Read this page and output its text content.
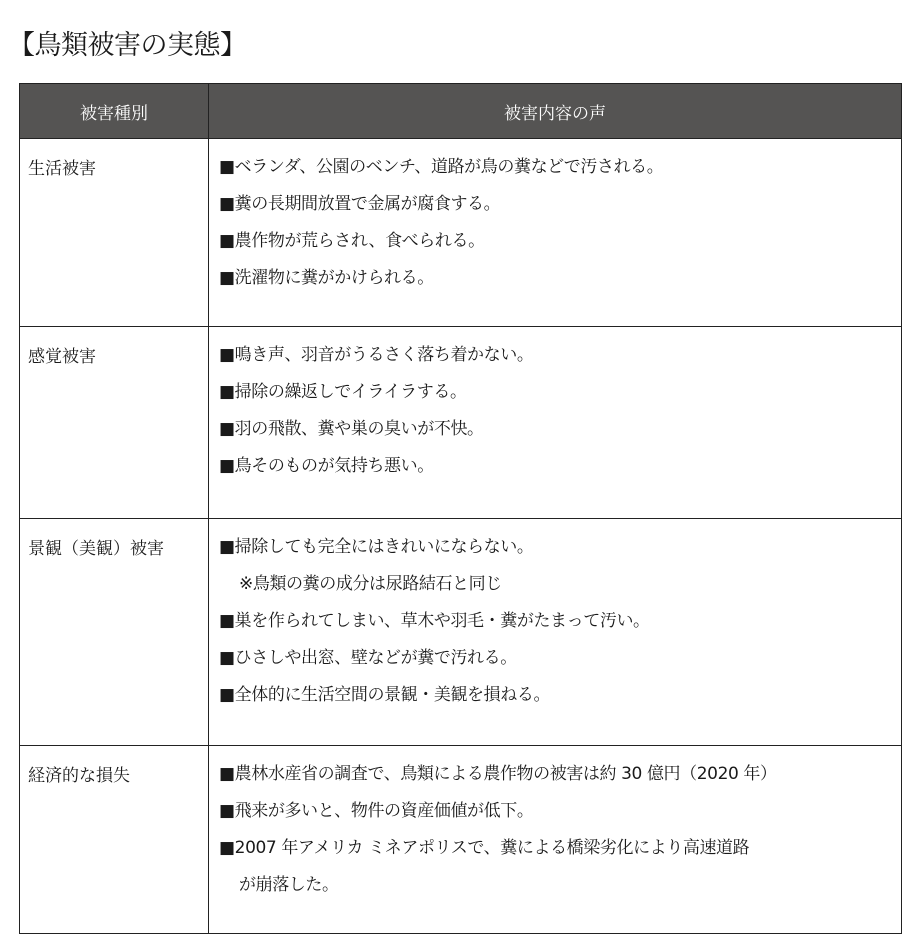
【鳥類被害の実態】
被害種別	被害内容の声
生活被害	■ベランダ、公園のベンチ、道路が鳥の糞などで汚される。
■糞の長期間放置で金属が腐食する。
■農作物が荒らされ、食べられる。
■洗濯物に糞がかけられる。

感覚被害	■鳴き声、羽音がうるさく落ち着かない。
■掃除の繰返しでイライラする。
■羽の飛散、糞や巣の臭いが不快。
■鳥そのものが気持ち悪い。

景観（美観）被害	■掃除しても完全にはきれいにならない。
※鳥類の糞の成分は尿路結石と同じ
■巣を作られてしまい、草木や羽毛・糞がたまって汚い。
■ひさしや出窓、壁などが糞で汚れる。
■全体的に生活空間の景観・美観を損ねる。

経済的な損失	■農林水産省の調査で、鳥類による農作物の被害は約 30 億円（2020 年）
■飛来が多いと、物件の資産価値が低下。
■2007 年アメリカ ミネアポリスで、糞による橋梁劣化により高速道路
が崩落した。
